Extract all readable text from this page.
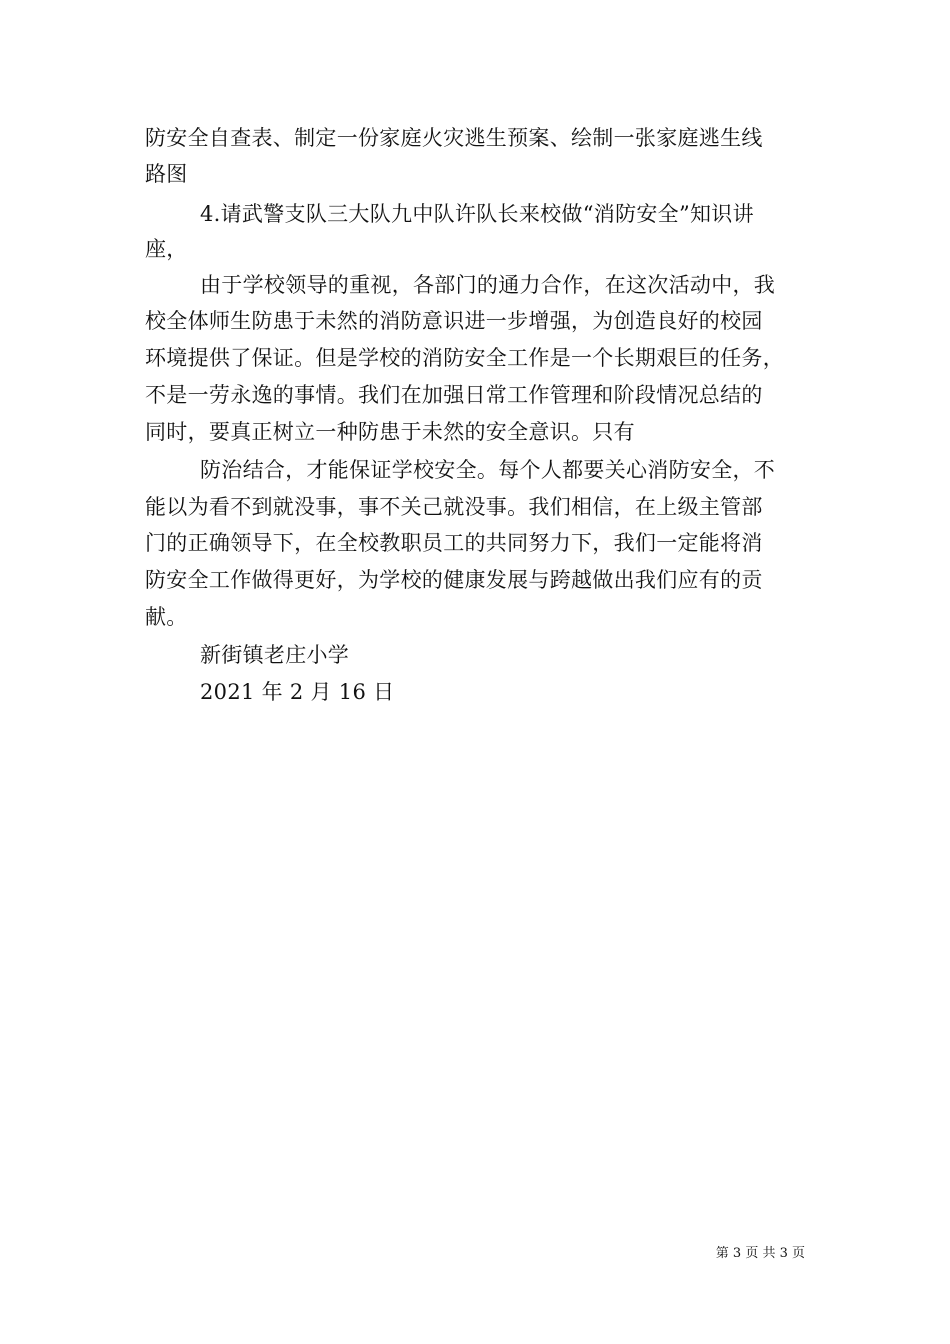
防安全自查表、制定一份家庭火灾逃生预案、绘制一张家庭逃生线
路图
4.请武警支队三大队九中队许队长来校做“消防安全”知识讲
座，
由于学校领导的重视，各部门的通力合作，在这次活动中，我
校全体师生防患于未然的消防意识进一步增强，为创造良好的校园
环境提供了保证。但是学校的消防安全工作是一个长期艰巨的任务，
不是一劳永逸的事情。我们在加强日常工作管理和阶段情况总结的
同时，要真正树立一种防患于未然的安全意识。只有
防治结合，才能保证学校安全。每个人都要关心消防安全，不
能以为看不到就没事，事不关己就没事。我们相信，在上级主管部
门的正确领导下，在全校教职员工的共同努力下，我们一定能将消
防安全工作做得更好，为学校的健康发展与跨越做出我们应有的贡
献。
新街镇老庄小学
2021 年 2 月 16 日
第 3 页 共 3 页
